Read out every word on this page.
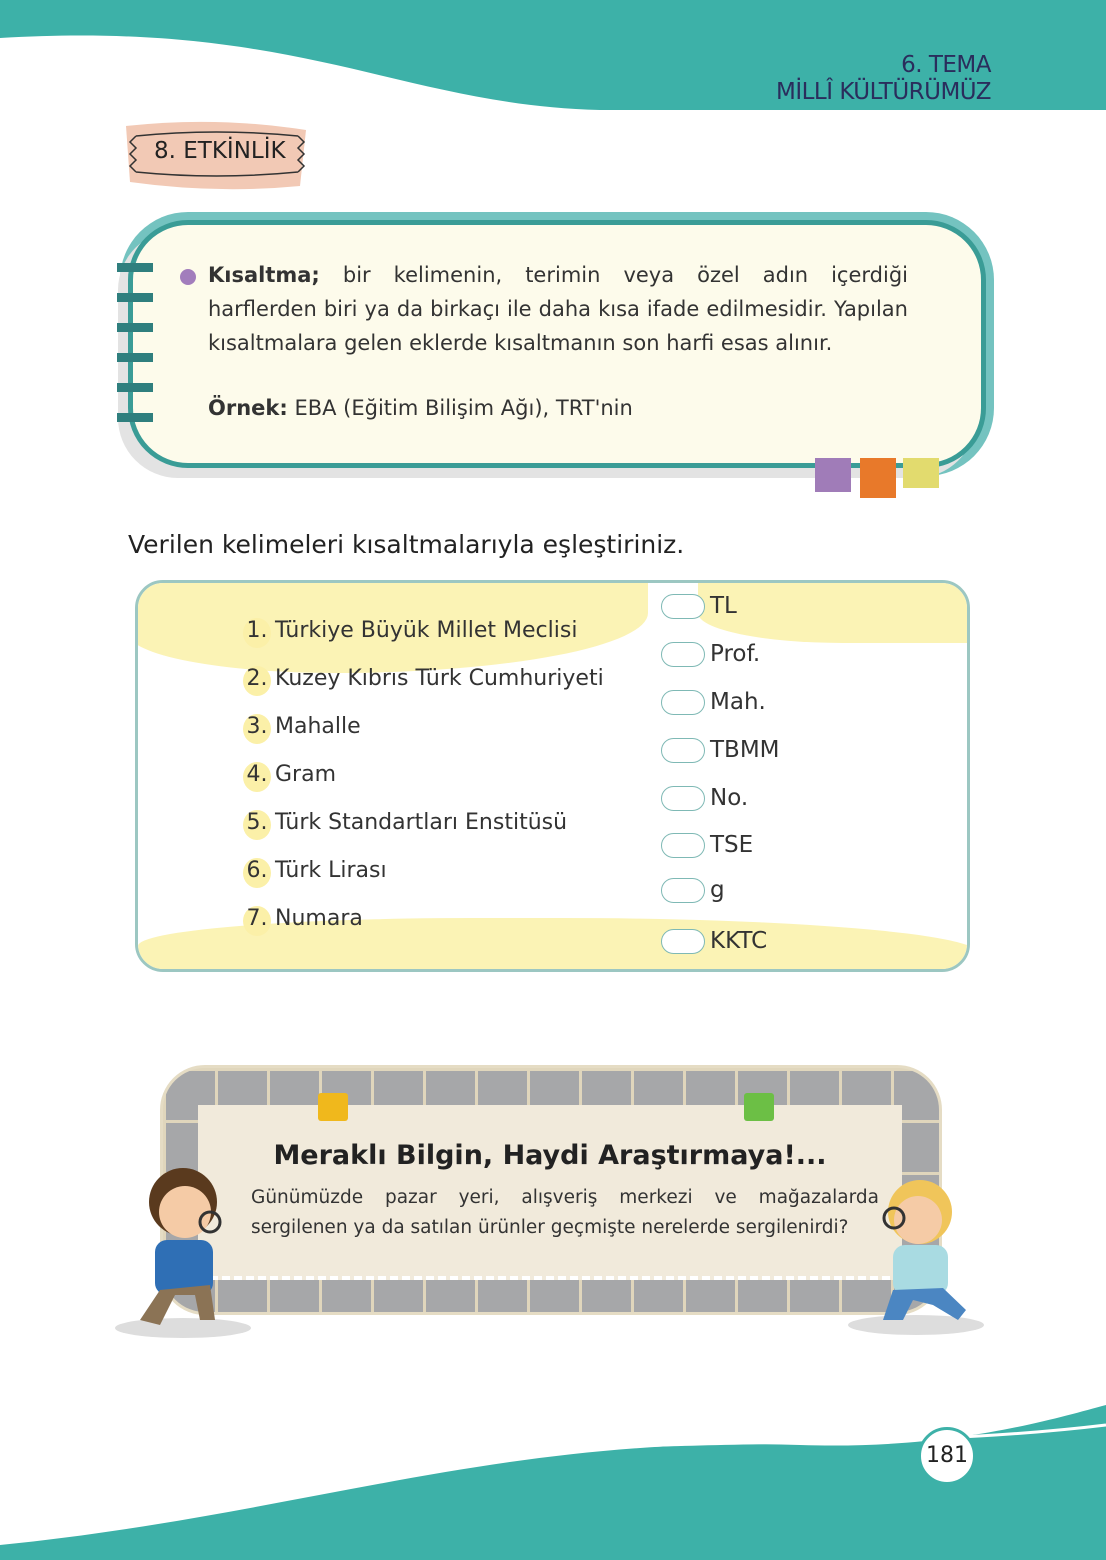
6. TEMA
MİLLÎ KÜLTÜRÜMÜZ
8. ETKİNLİK

Kısaltma; bir kelimenin, terimin veya özel adın içerdiği harflerden biri ya da birkaçı ile daha kısa ifade edilmesidir. Yapılan kısaltmalara gelen eklerde kısaltmanın son harfi esas alınır.

Örnek: EBA (Eğitim Bilişim Ağı), TRT'nin

Verilen kelimeleri kısaltmalarıyla eşleştiriniz.
1. Türkiye Büyük Millet Meclisi
2. Kuzey Kıbrıs Türk Cumhuriyeti
3. Mahalle
4. Gram
5. Türk Standartları Enstitüsü
6. Türk Lirası
7. Numara
TL
Prof.
Mah.
TBMM
No.
TSE
g
KKTC
Meraklı Bilgin, Haydi Araştırmaya!...

Günümüzde pazar yeri, alışveriş merkezi ve mağazalarda sergilenen ya da satılan ürünler geçmişte nerelerde sergilenirdi?

181
